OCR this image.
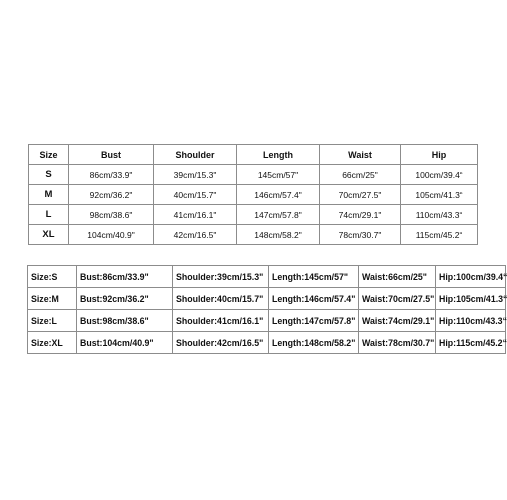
Size	Bust	Shoulder	Length	Waist	Hip
S	86cm/33.9"	39cm/15.3"	145cm/57"	66cm/25"	100cm/39.4“
M	92cm/36.2"	40cm/15.7"	146cm/57.4"	70cm/27.5"	105cm/41.3“
L	98cm/38.6"	41cm/16.1"	147cm/57.8"	74cm/29.1"	110cm/43.3“
XL	104cm/40.9"	42cm/16.5"	148cm/58.2"	78cm/30.7"	115cm/45.2“
Size:S	Bust:86cm/33.9"	Shoulder:39cm/15.3"	Length:145cm/57"	Waist:66cm/25"	Hip:100cm/39.4“
Size:M	Bust:92cm/36.2"	Shoulder:40cm/15.7"	Length:146cm/57.4"	Waist:70cm/27.5"	Hip:105cm/41.3“
Size:L	Bust:98cm/38.6"	Shoulder:41cm/16.1"	Length:147cm/57.8"	Waist:74cm/29.1"	Hip:110cm/43.3“
Size:XL	Bust:104cm/40.9"	Shoulder:42cm/16.5"	Length:148cm/58.2"	Waist:78cm/30.7"	Hip:115cm/45.2“
